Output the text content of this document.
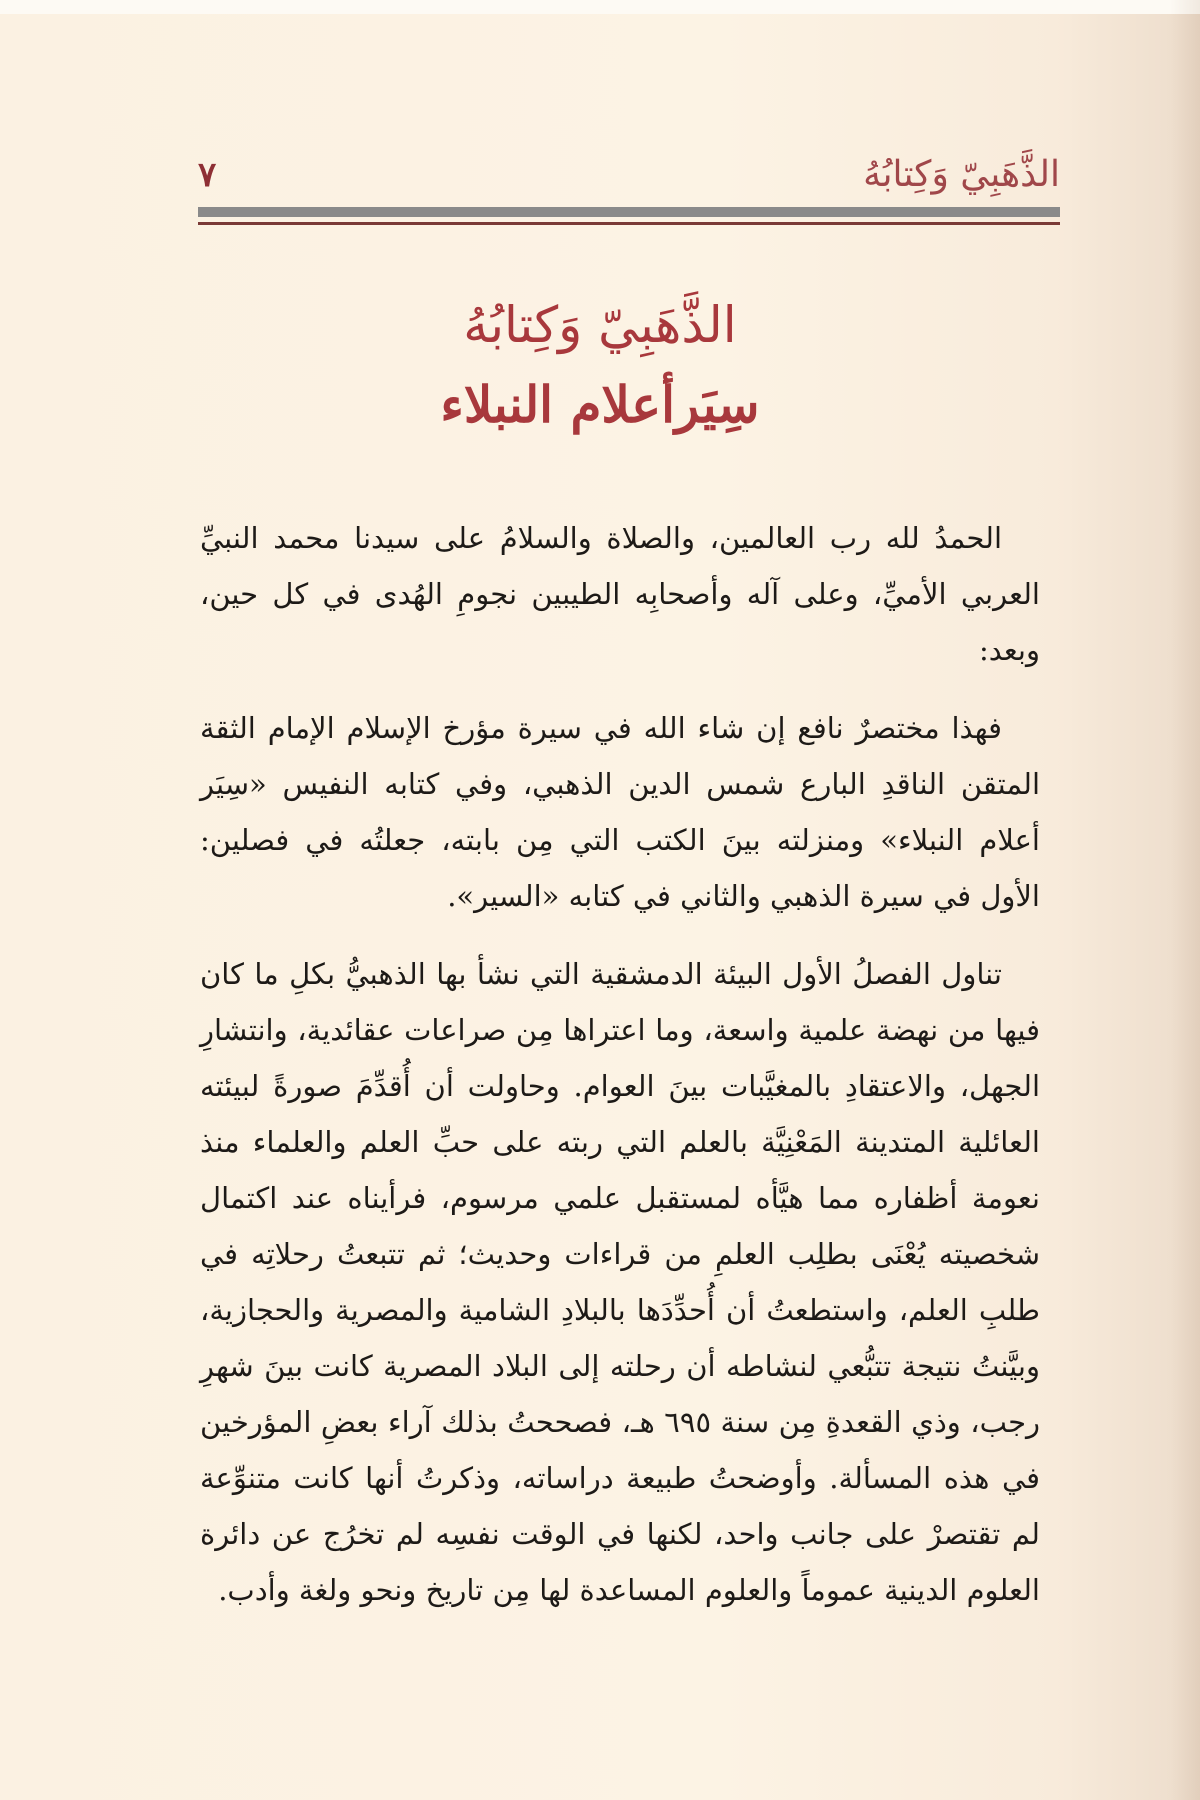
الذَّهَبِيّ وَكِتابُهُ
٧
الذَّهَبِيّ وَكِتابُهُ
سِيَرأعلام النبلاء

الحمدُ لله رب العالمين، والصلاة والسلامُ على سيدنا محمد النبيِّ العربي الأميِّ، وعلى آله وأصحابِه الطيبين نجومِ الهُدى في كل حين، وبعد:

فهذا مختصرٌ نافع إن شاء الله في سيرة مؤرخ الإسلام الإمام الثقة المتقن الناقدِ البارع شمس الدين الذهبي، وفي كتابه النفيس «سِيَر أعلام النبلاء» ومنزلته بينَ الكتب التي مِن بابته، جعلتُه في فصلين: الأول في سيرة الذهبي والثاني في كتابه «السير».

تناول الفصلُ الأول البيئة الدمشقية التي نشأ بها الذهبيُّ بكلِ ما كان فيها من نهضة علمية واسعة، وما اعتراها مِن صراعات عقائدية، وانتشارِ الجهل، والاعتقادِ بالمغيَّبات بينَ العوام. وحاولت أن أُقدِّمَ صورةً لبيئته العائلية المتدينة المَعْنِيَّة بالعلم التي ربته على حبِّ العلم والعلماء منذ نعومة أظفاره مما هيَّأه لمستقبل علمي مرسوم، فرأيناه عند اكتمال شخصيته يُعْنَى بطلِب العلمِ من قراءات وحديث؛ ثم تتبعتُ رحلاتِه في طلبِ العلم، واستطعتُ أن أُحدِّدَها بالبلادِ الشامية والمصرية والحجازية، وبيَّنتُ نتيجة تتبُّعي لنشاطه أن رحلته إلى البلاد المصرية كانت بينَ شهرِ رجب، وذي القعدةِ مِن سنة ٦٩٥ هـ، فصححتُ بذلك آراء بعضِ المؤرخين في هذه المسألة. وأوضحتُ طبيعة دراساته، وذكرتُ أنها كانت متنوِّعة لم تقتصرْ على جانب واحد، لكنها في الوقت نفسِه لم تخرُج عن دائرة العلوم الدينية عموماً والعلوم المساعدة لها مِن تاريخ ونحو ولغة وأدب.
